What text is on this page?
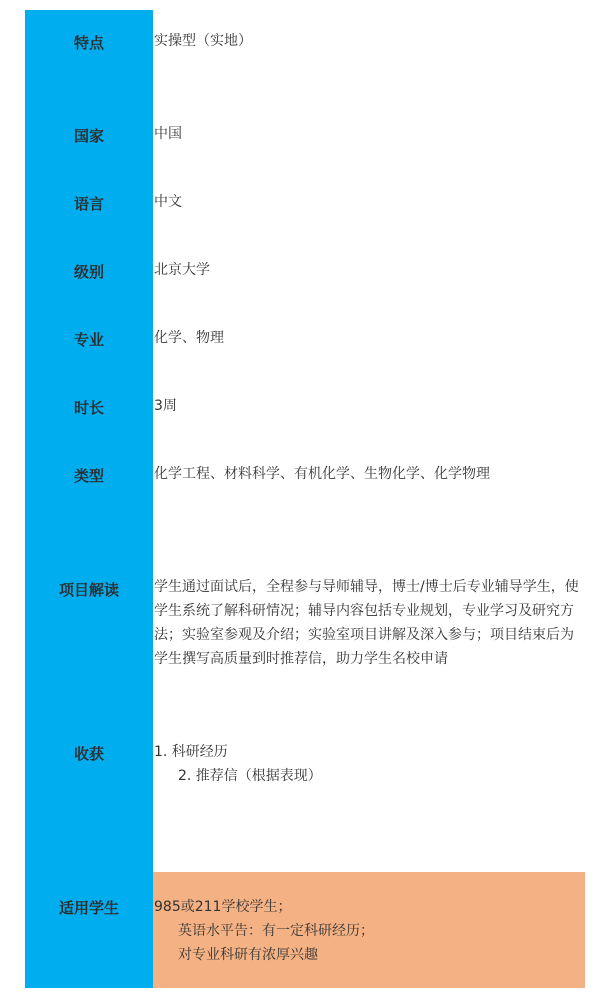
特点	实操型（实地）
国家	中国
语言	中文
级别	北京大学
专业	化学、物理
时长	3周
类型	化学工程、材料科学、有机化学、生物化学、化学物理
项目解读	学生通过面试后，全程参与导师辅导，博士/博士后专业辅导学生，使学生系统了解科研情况；辅导内容包括专业规划，专业学习及研究方法；实验室参观及介绍；实验室项目讲解及深入参与；项目结束后为学生撰写高质量到时推荐信，助力学生名校申请
收获	1. 科研经历
2. 推荐信（根据表现）
适用学生	985或211学校学生；
英语水平告：有一定科研经历；
对专业科研有浓厚兴趣
